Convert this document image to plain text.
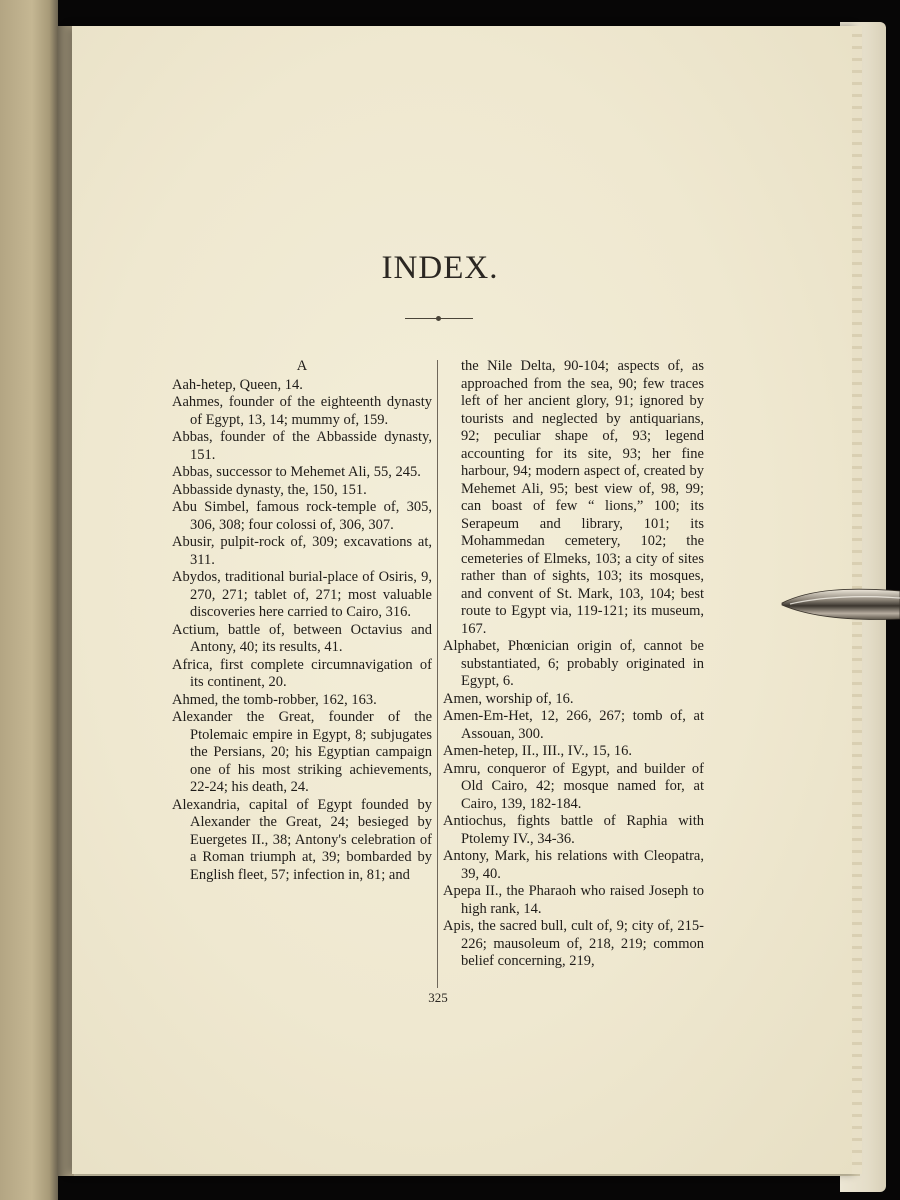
INDEX.
A

Aah-hetep, Queen, 14.

Aahmes, founder of the eighteenth dynasty of Egypt, 13, 14; mummy of, 159.

Abbas, founder of the Abbasside dynasty, 151.

Abbas, successor to Mehemet Ali, 55, 245.

Abbasside dynasty, the, 150, 151.

Abu Simbel, famous rock-temple of, 305, 306, 308; four colossi of, 306, 307.

Abusir, pulpit-rock of, 309; excavations at, 311.

Abydos, traditional burial-place of Osiris, 9, 270, 271; tablet of, 271; most valuable discoveries here carried to Cairo, 316.

Actium, battle of, between Octavius and Antony, 40; its results, 41.

Africa, first complete circumnavigation of its continent, 20.

Ahmed, the tomb-robber, 162, 163.

Alexander the Great, founder of the Ptolemaic empire in Egypt, 8; subjugates the Persians, 20; his Egyptian campaign one of his most striking achievements, 22-24; his death, 24.

Alexandria, capital of Egypt founded by Alexander the Great, 24; besieged by Euergetes II., 38; Antony's celebration of a Roman triumph at, 39; bombarded by English fleet, 57; infection in, 81; and

the Nile Delta, 90-104; aspects of, as approached from the sea, 90; few traces left of her ancient glory, 91; ignored by tourists and neglected by antiquarians, 92; peculiar shape of, 93; legend accounting for its site, 93; her fine harbour, 94; modern aspect of, created by Mehemet Ali, 95; best view of, 98, 99; can boast of few “ lions,” 100; its Serapeum and library, 101; its Mohammedan cemetery, 102; the cemeteries of Elmeks, 103; a city of sites rather than of sights, 103; its mosques, and convent of St. Mark, 103, 104; best route to Egypt via, 119-121; its museum, 167.

Alphabet, Phœnician origin of, cannot be substantiated, 6; probably originated in Egypt, 6.

Amen, worship of, 16.

Amen-Em-Het, 12, 266, 267; tomb of, at Assouan, 300.

Amen-hetep, II., III., IV., 15, 16.

Amru, conqueror of Egypt, and builder of Old Cairo, 42; mosque named for, at Cairo, 139, 182-184.

Antiochus, fights battle of Raphia with Ptolemy IV., 34-36.

Antony, Mark, his relations with Cleopatra, 39, 40.

Apepa II., the Pharaoh who raised Joseph to high rank, 14.

Apis, the sacred bull, cult of, 9; city of, 215-226; mausoleum of, 218, 219; common belief concerning, 219,

325
